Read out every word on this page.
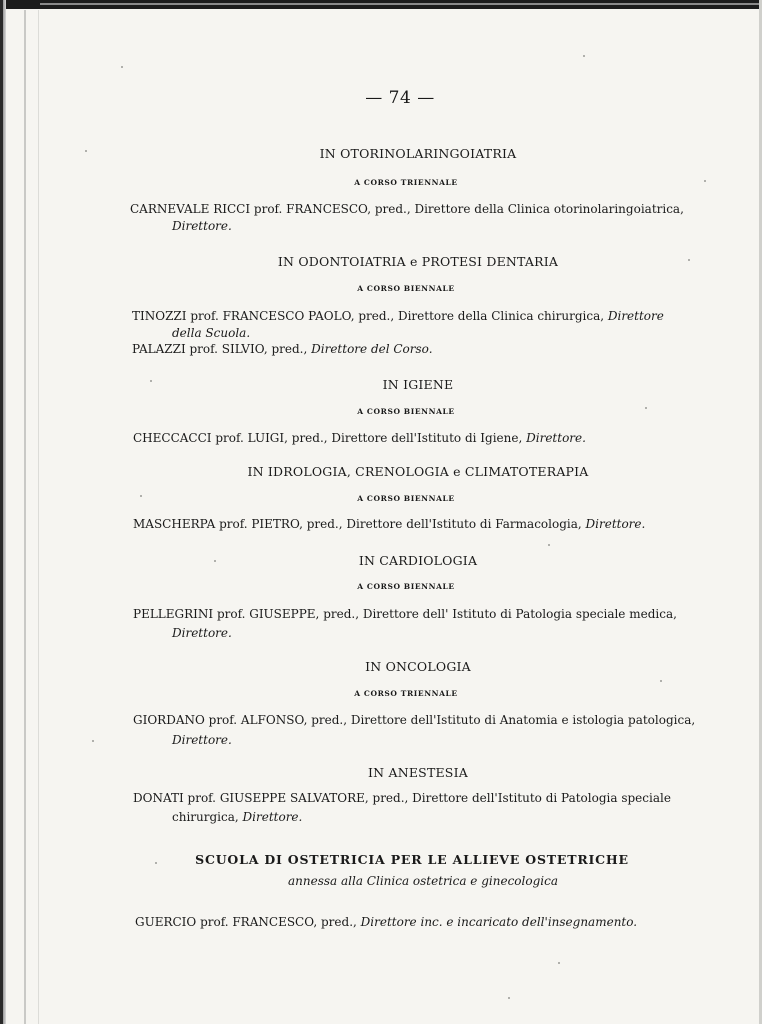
— 74 —
IN OTORINOLARINGOIATRIA
A CORSO TRIENNALE
CARNEVALE RICCI prof. FRANCESCO, pred., Direttore della Clinica otorinolaringoiatrica,
Direttore.
IN ODONTOIATRIA e PROTESI DENTARIA
A CORSO BIENNALE
TINOZZI prof. FRANCESCO PAOLO, pred., Direttore della Clinica chirurgica, Direttore
della Scuola.
PALAZZI prof. SILVIO, pred., Direttore del Corso.
IN IGIENE
A CORSO BIENNALE
CHECCACCI prof. LUIGI, pred., Direttore dell'Istituto di Igiene, Direttore.
IN IDROLOGIA, CRENOLOGIA e CLIMATOTERAPIA
A CORSO BIENNALE
MASCHERPA prof. PIETRO, pred., Direttore dell'Istituto di Farmacologia, Direttore.
IN CARDIOLOGIA
A CORSO BIENNALE
PELLEGRINI prof. GIUSEPPE, pred., Direttore dell' Istituto di Patologia speciale medica,
Direttore.
IN ONCOLOGIA
A CORSO TRIENNALE
GIORDANO prof. ALFONSO, pred., Direttore dell'Istituto di Anatomia e istologia patologica,
Direttore.
IN ANESTESIA
DONATI prof. GIUSEPPE SALVATORE, pred., Direttore dell'Istituto di Patologia speciale
chirurgica, Direttore.
SCUOLA DI OSTETRICIA PER LE ALLIEVE OSTETRICHE
annessa alla Clinica ostetrica e ginecologica
GUERCIO prof. FRANCESCO, pred., Direttore inc. e incaricato dell'insegnamento.
